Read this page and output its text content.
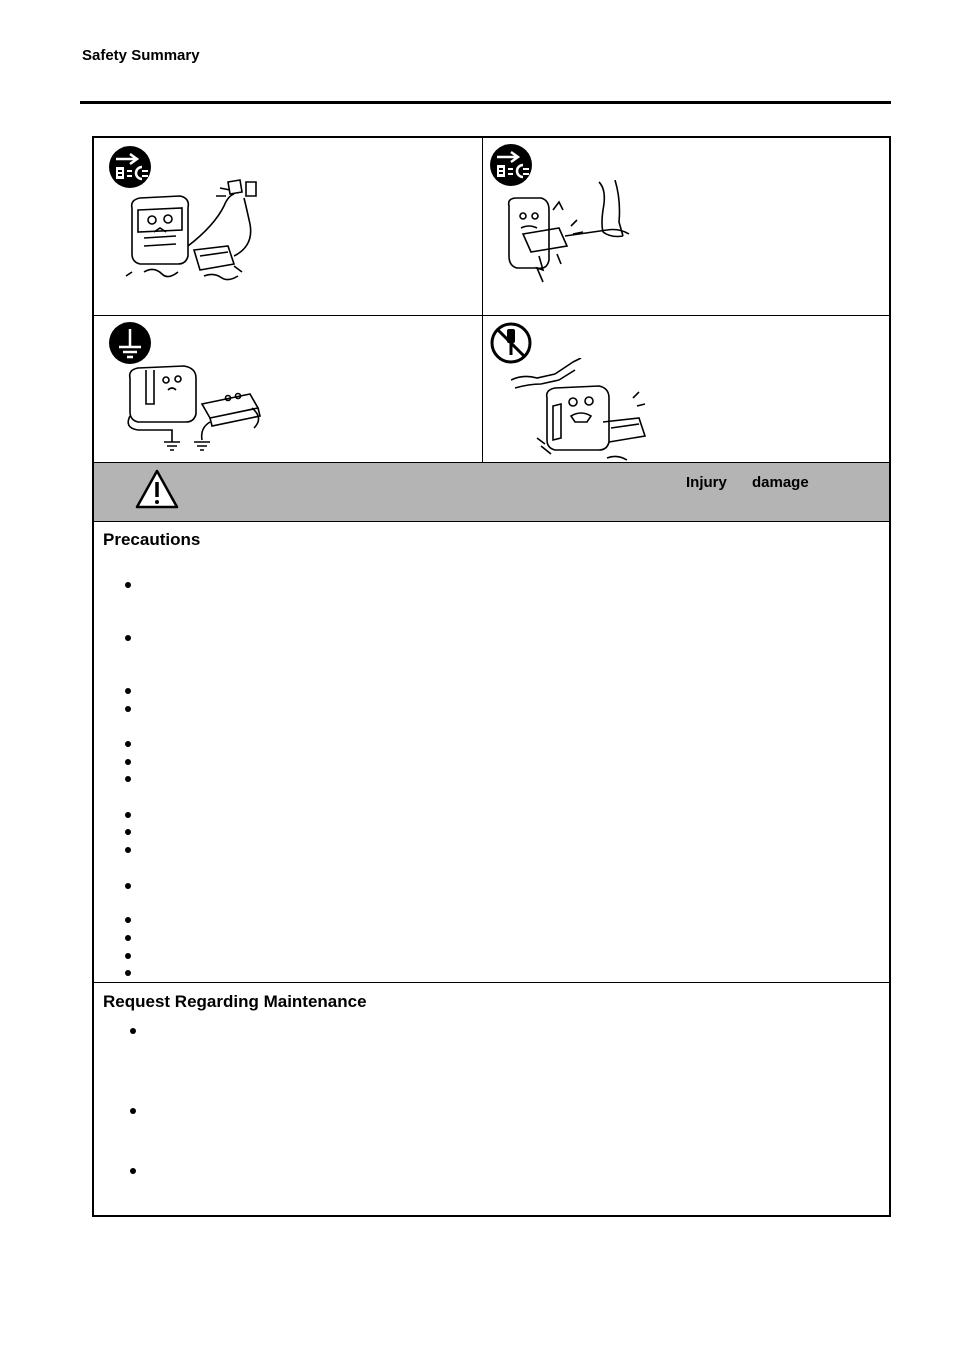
Safety Summary
Injury damage
Precautions
Request Regarding Maintenance
